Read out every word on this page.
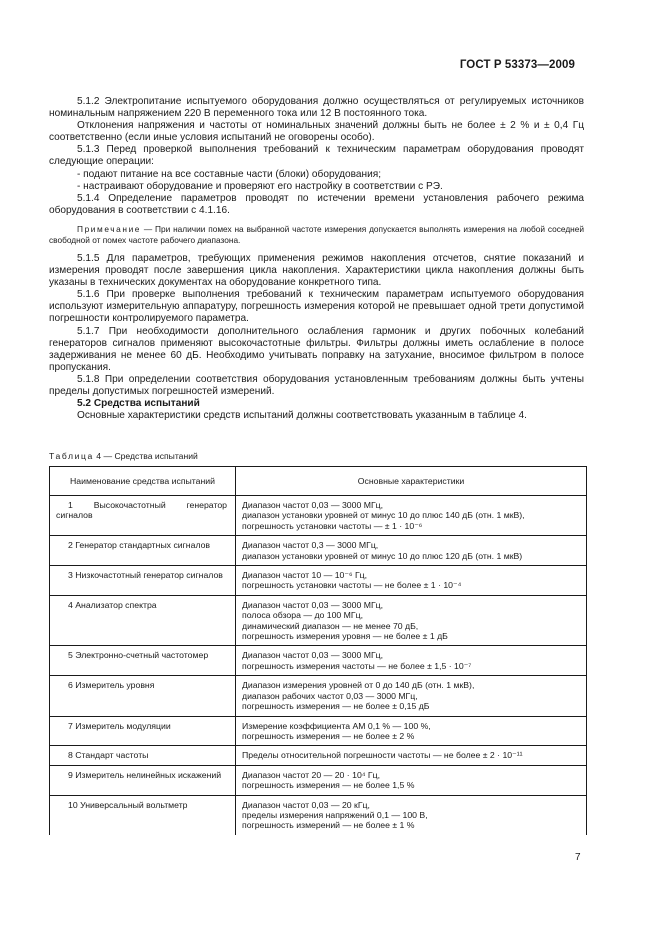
ГОСТ Р 53373—2009

5.1.2 Электропитание испытуемого оборудования должно осуществляться от регулируемых источников номинальным напряжением 220 В переменного тока или 12 В постоянного тока.

Отклонения напряжения и частоты от номинальных значений должны быть не более ± 2 % и ± 0,4 Гц соответственно (если иные условия испытаний не оговорены особо).

5.1.3 Перед проверкой выполнения требований к техническим параметрам оборудования проводят следующие операции:

- подают питание на все составные части (блоки) оборудования;

- настраивают оборудование и проверяют его настройку в соответствии с РЭ.

5.1.4 Определение параметров проводят по истечении времени установления рабочего режима оборудования в соответствии с 4.1.16.

Примечание — При наличии помех на выбранной частоте измерения допускается выполнять измерения на любой соседней свободной от помех частоте рабочего диапазона.

5.1.5 Для параметров, требующих применения режимов накопления отсчетов, снятие показаний и измерения проводят после завершения цикла накопления. Характеристики цикла накопления должны быть указаны в технических документах на оборудование конкретного типа.

5.1.6 При проверке выполнения требований к техническим параметрам испытуемого оборудования используют измерительную аппаратуру, погрешность измерения которой не превышает одной трети допустимой погрешности контролируемого параметра.

5.1.7 При необходимости дополнительного ослабления гармоник и других побочных колебаний генераторов сигналов применяют высокочастотные фильтры. Фильтры должны иметь ослабление в полосе задерживания не менее 60 дБ. Необходимо учитывать поправку на затухание, вносимое фильтром в полосе пропускания.

5.1.8 При определении соответствия оборудования установленным требованиям должны быть учтены пределы допустимых погрешностей измерений.

5.2 Средства испытаний

Основные характеристики средств испытаний должны соответствовать указанным в таблице 4.

Таблица 4 — Средства испытаний
Наименование средства испытаний	Основные характеристики
1 Высокочастотный генератор сигналов	Диапазон частот 0,03 — 3000 МГц,
диапазон установки уровней от минус 10 до плюс 140 дБ (отн. 1 мкВ),
погрешность установки частоты — ± 1 · 10⁻⁶

2 Генератор стандартных сигналов	Диапазон частот 0,3 — 3000 МГц,
диапазон установки уровней от минус 10 до плюс 120 дБ (отн. 1 мкВ)

3 Низкочастотный генератор сигналов	Диапазон частот 10 — 10⁻⁶ Гц,
погрешность установки частоты — не более ± 1 · 10⁻⁴

4 Анализатор спектра	Диапазон частот 0,03 — 3000 МГц,
полоса обзора — до 100 МГц,
динамический диапазон — не менее 70 дБ,
погрешность измерения уровня — не более ± 1 дБ

5 Электронно-счетный частотомер	Диапазон частот 0,03 — 3000 МГц,
погрешность измерения частоты — не более ± 1,5 · 10⁻⁷

6 Измеритель уровня	Диапазон измерения уровней от 0 до 140 дБ (отн. 1 мкВ),
диапазон рабочих частот 0,03 — 3000 МГц,
погрешность измерения — не более ± 0,15 дБ

7 Измеритель модуляции	Измерение коэффициента АМ 0,1 % — 100 %,
погрешность измерения — не более ± 2 %

8 Стандарт частоты	Пределы относительной погрешности частоты — не более ± 2 · 10⁻¹¹

9 Измеритель нелинейных искажений	Диапазон частот 20 — 20 · 10⁴ Гц,
погрешность измерения — не более 1,5 %

10 Универсальный вольтметр	Диапазон частот 0,03 — 20 кГц,
пределы измерения напряжений 0,1 — 100 В,
погрешность измерений — не более ± 1 %
7
